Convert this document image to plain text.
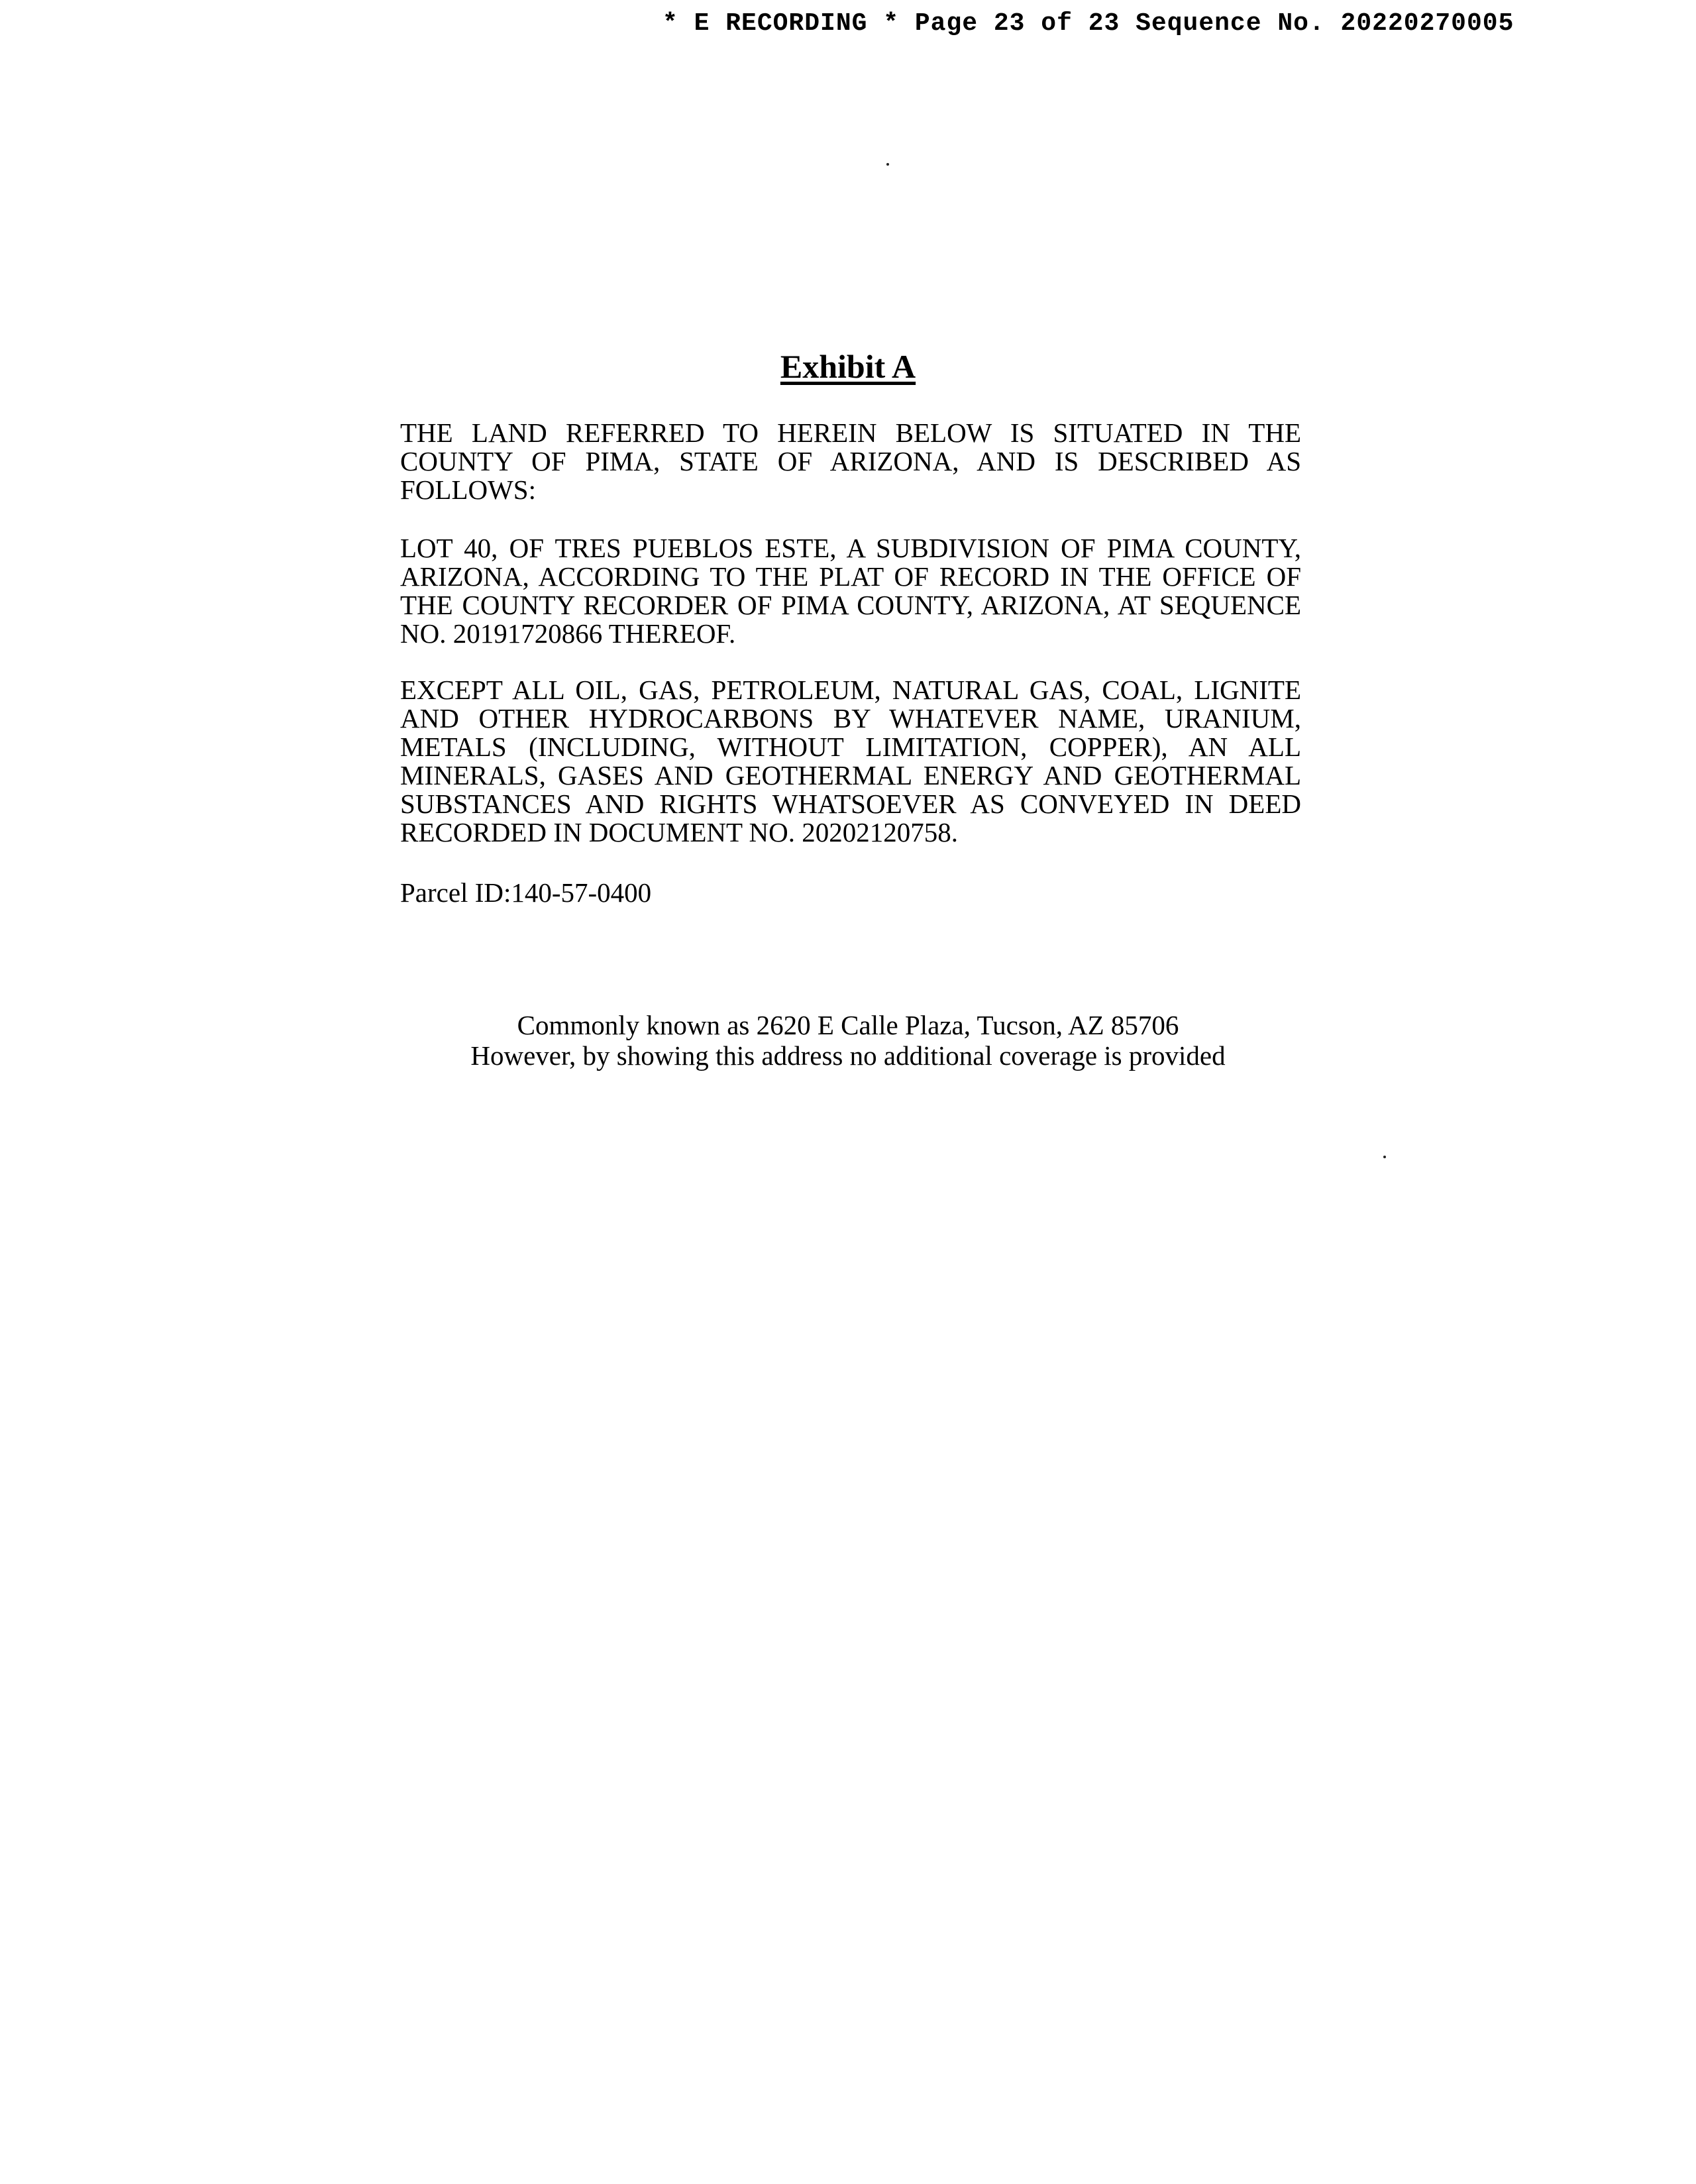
* E RECORDING * Page 23 of 23 Sequence No. 20220270005
Exhibit A

THE LAND REFERRED TO HEREIN BELOW IS SITUATED IN THE COUNTY OF PIMA, STATE OF ARIZONA, AND IS DESCRIBED AS FOLLOWS:

LOT 40, OF TRES PUEBLOS ESTE, A SUBDIVISION OF PIMA COUNTY, ARIZONA, ACCORDING TO THE PLAT OF RECORD IN THE OFFICE OF THE COUNTY RECORDER OF PIMA COUNTY, ARIZONA, AT SEQUENCE NO. 20191720866 THEREOF.

EXCEPT ALL OIL, GAS, PETROLEUM, NATURAL GAS, COAL, LIGNITE AND OTHER HYDROCARBONS BY WHATEVER NAME, URANIUM, METALS (INCLUDING, WITHOUT LIMITATION, COPPER), AN ALL MINERALS, GASES AND GEOTHERMAL ENERGY AND GEOTHERMAL SUBSTANCES AND RIGHTS WHATSOEVER AS CONVEYED IN DEED RECORDED IN DOCUMENT NO. 20202120758.

Parcel ID:140-57-0400
Commonly known as 2620 E Calle Plaza, Tucson, AZ 85706
However, by showing this address no additional coverage is provided
